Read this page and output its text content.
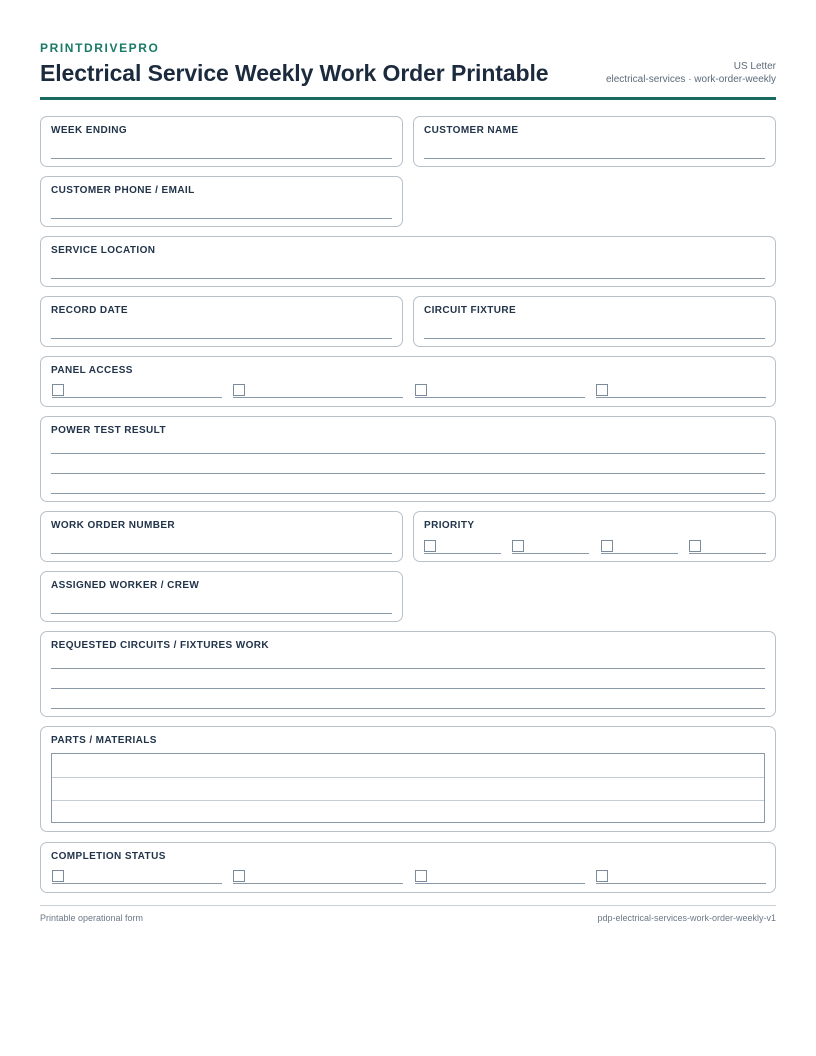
PRINTDRIVEPRO
Electrical Service Weekly Work Order Printable	US Letter
electrical-services · work-order-weekly
WEEK ENDING	CUSTOMER NAME
CUSTOMER PHONE / EMAIL
SERVICE LOCATION
RECORD DATE	CIRCUIT FIXTURE
PANEL ACCESS
POWER TEST RESULT
WORK ORDER NUMBER	PRIORITY
ASSIGNED WORKER / CREW
REQUESTED CIRCUITS / FIXTURES WORK
PARTS / MATERIALS
COMPLETION STATUS
Printable operational form	pdp-electrical-services-work-order-weekly-v1
